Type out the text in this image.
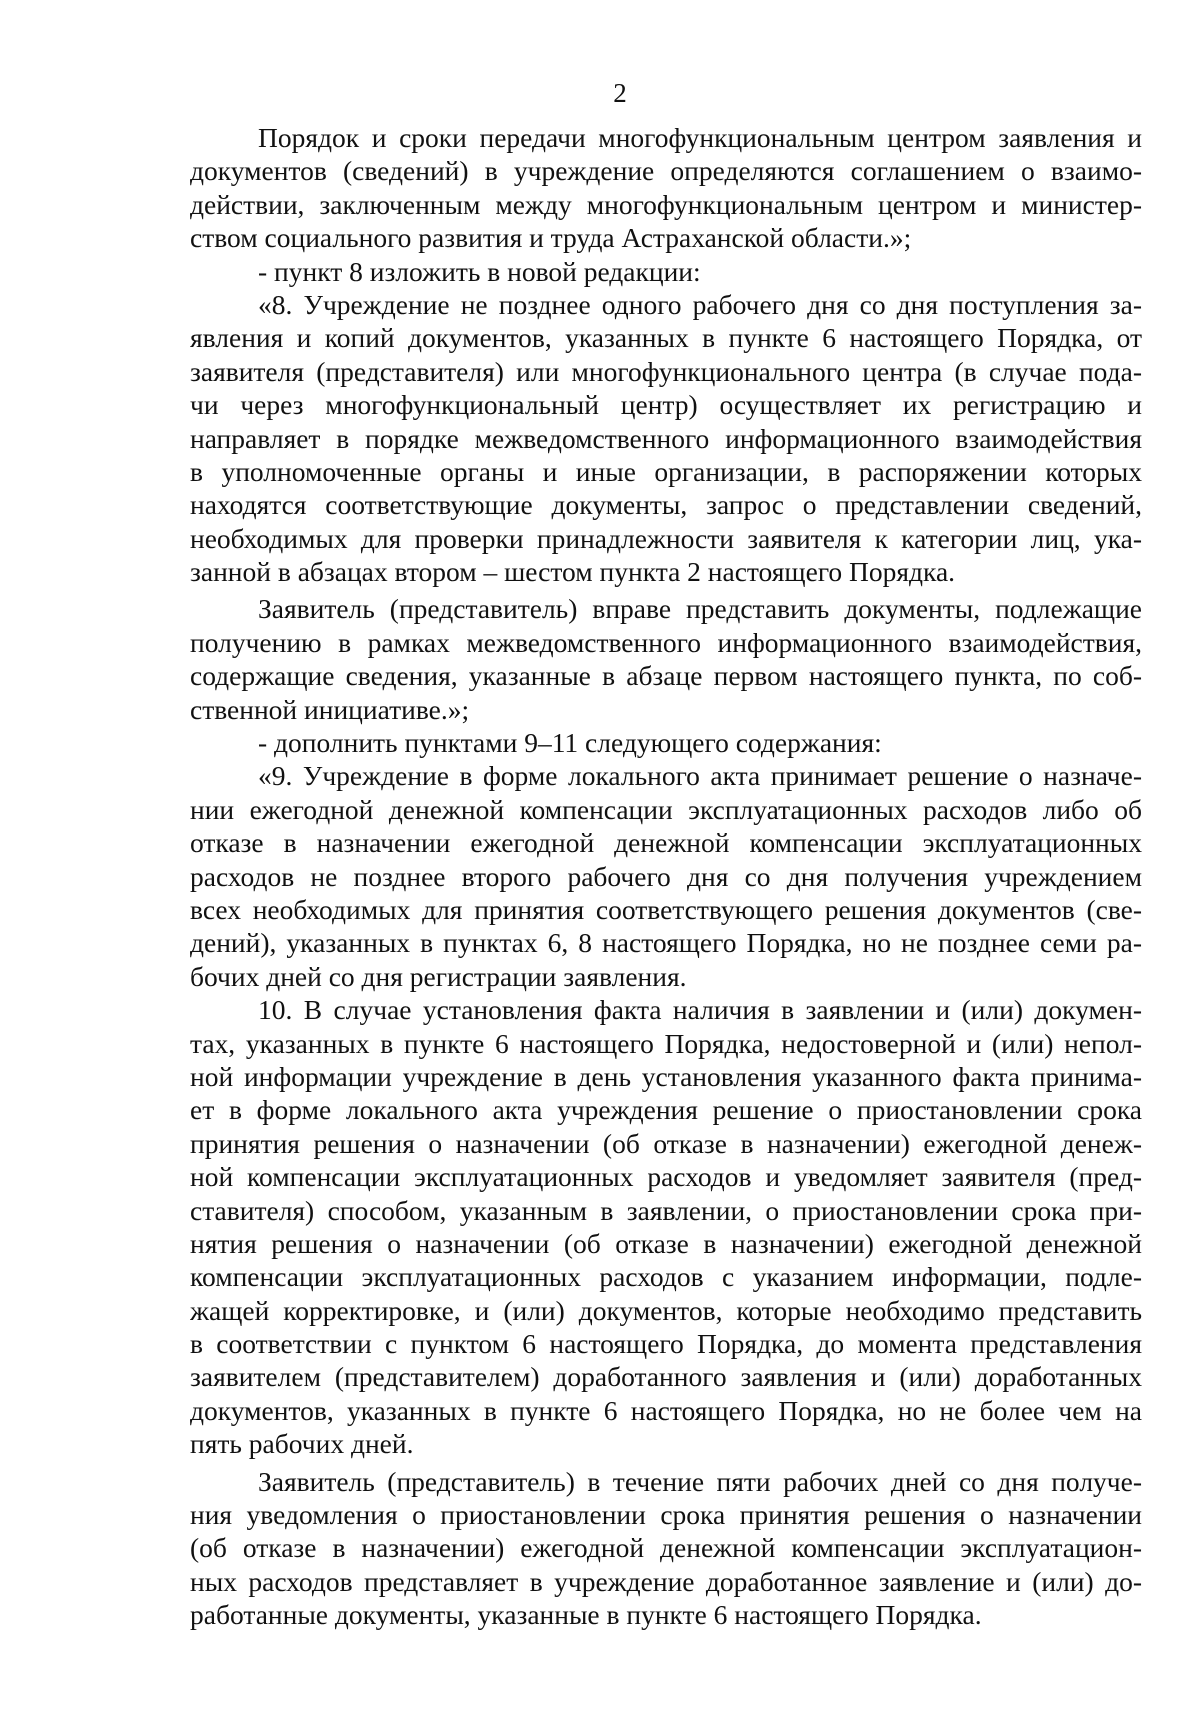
2
Порядок и сроки передачи многофункциональным центром заявления и
документов (сведений) в учреждение определяются соглашением о взаимо-
действии, заключенным между многофункциональным центром и министер-
ством социального развития и труда Астраханской области.»;
- пункт 8 изложить в новой редакции:
«8. Учреждение не позднее одного рабочего дня со дня поступления за-
явления и копий документов, указанных в пункте 6 настоящего Порядка, от
заявителя (представителя) или многофункционального центра (в случае пода-
чи через многофункциональный центр) осуществляет их регистрацию и
направляет в порядке межведомственного информационного взаимодействия
в уполномоченные органы и иные организации, в распоряжении которых
находятся соответствующие документы, запрос о представлении сведений,
необходимых для проверки принадлежности заявителя к категории лиц, ука-
занной в абзацах втором – шестом пункта 2 настоящего Порядка.
Заявитель (представитель) вправе представить документы, подлежащие
получению в рамках межведомственного информационного взаимодействия,
содержащие сведения, указанные в абзаце первом настоящего пункта, по соб-
ственной инициативе.»;
- дополнить пунктами 9–11 следующего содержания:
«9. Учреждение в форме локального акта принимает решение о назначе-
нии ежегодной денежной компенсации эксплуатационных расходов либо об
отказе в назначении ежегодной денежной компенсации эксплуатационных
расходов не позднее второго рабочего дня со дня получения учреждением
всех необходимых для принятия соответствующего решения документов (све-
дений), указанных в пунктах 6, 8 настоящего Порядка, но не позднее семи ра-
бочих дней со дня регистрации заявления.
10. В случае установления факта наличия в заявлении и (или) докумен-
тах, указанных в пункте 6 настоящего Порядка, недостоверной и (или) непол-
ной информации учреждение в день установления указанного факта принима-
ет в форме локального акта учреждения решение о приостановлении срока
принятия решения о назначении (об отказе в назначении) ежегодной денеж-
ной компенсации эксплуатационных расходов и уведомляет заявителя (пред-
ставителя) способом, указанным в заявлении, о приостановлении срока при-
нятия решения о назначении (об отказе в назначении) ежегодной денежной
компенсации эксплуатационных расходов с указанием информации, подле-
жащей корректировке, и (или) документов, которые необходимо представить
в соответствии с пунктом 6 настоящего Порядка, до момента представления
заявителем (представителем) доработанного заявления и (или) доработанных
документов, указанных в пункте 6 настоящего Порядка, но не более чем на
пять рабочих дней.
Заявитель (представитель) в течение пяти рабочих дней со дня получе-
ния уведомления о приостановлении срока принятия решения о назначении
(об отказе в назначении) ежегодной денежной компенсации эксплуатацион-
ных расходов представляет в учреждение доработанное заявление и (или) до-
работанные документы, указанные в пункте 6 настоящего Порядка.
